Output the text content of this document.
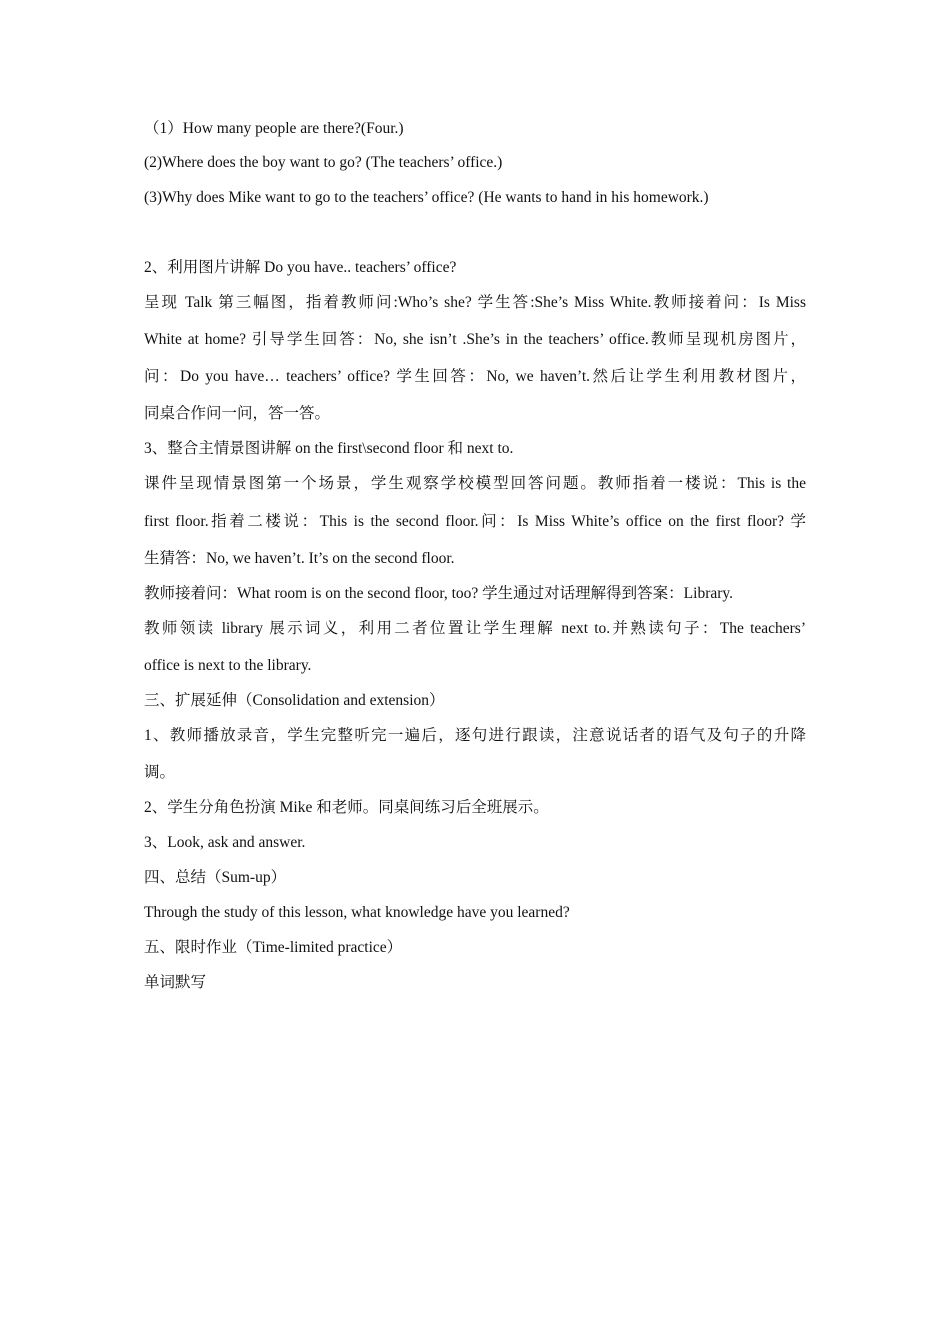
（1）How many people are there?(Four.)
(2)Where does the boy want to go? (The teachers’ office.)
(3)Why does Mike want to go to the teachers’ office? (He wants to hand in his homework.)
2、利用图片讲解 Do you have.. teachers’ office?
呈现 Talk 第三幅图，指着教师问:Who’s she? 学生答:She’s Miss White.教师接着问：Is Miss
White at home? 引导学生回答：No, she isn’t .She’s in the teachers’ office.教师呈现机房图片，
问：Do you have… teachers’ office? 学生回答：No, we haven’t.然后让学生利用教材图片，
同桌合作问一问，答一答。
3、整合主情景图讲解 on the first\second floor 和 next to.
课件呈现情景图第一个场景，学生观察学校模型回答问题。教师指着一楼说：This is the
first floor.指着二楼说：This is the second floor.问：Is Miss White’s office on the first floor? 学
生猜答：No, we haven’t. It’s on the second floor.
教师接着问：What room is on the second floor, too? 学生通过对话理解得到答案：Library.
教师领读 library 展示词义，利用二者位置让学生理解 next to.并熟读句子：The teachers’
office is next to the library.
三、扩展延伸（Consolidation and extension）
1、教师播放录音，学生完整听完一遍后，逐句进行跟读，注意说话者的语气及句子的升降
调。
2、学生分角色扮演 Mike 和老师。同桌间练习后全班展示。
3、Look, ask and answer.
四、总结（Sum-up）
Through the study of this lesson, what knowledge have you learned?
五、限时作业（Time-limited practice）
单词默写
